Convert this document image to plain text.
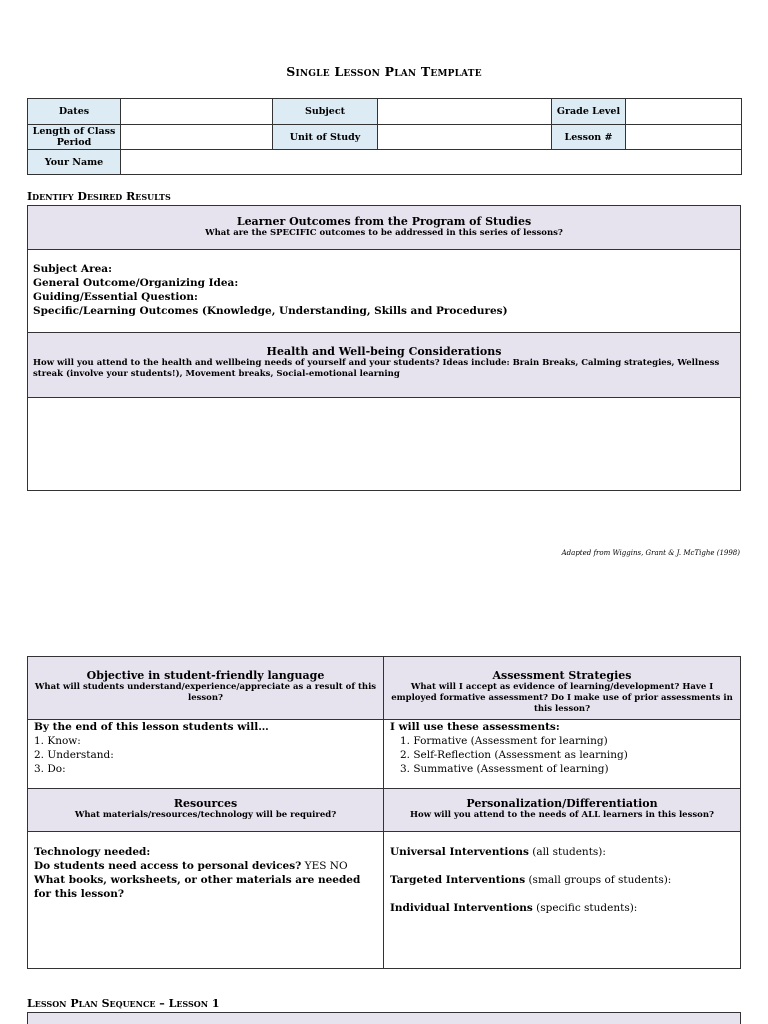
Single Lesson Plan Template
Dates		Subject		Grade Level	
Length of Class Period		Unit of Study		Lesson #	
Your Name					
Identify Desired Results
Learner Outcomes from the Program of Studies
What are the SPECIFIC outcomes to be addressed in this series of lessons?
Subject Area:
General Outcome/Organizing Idea:
Guiding/Essential Question:
Specific/Learning Outcomes (Knowledge, Understanding, Skills and Procedures)
Health and Well-being Considerations
How will you attend to the health and wellbeing needs of yourself and your students? Ideas include: Brain Breaks, Calming strategies, Wellness streak (involve your students!), Movement breaks, Social-emotional learning
Adapted from Wiggins, Grant & J. McTighe (1998)
Objective in student-friendly language
What will students understand/experience/appreciate as a result of this lesson?
By the end of this lesson students will…
1. Know:
2. Understand:
3. Do:
Assessment Strategies
What will I accept as evidence of learning/development? Have I employed formative assessment? Do I make use of prior assessments in this lesson?
I will use these assessments:
1. Formative (Assessment for learning)
2. Self-Reflection (Assessment as learning)
3. Summative (Assessment of learning)
Resources
What materials/resources/technology will be required?
Technology needed:
Do students need access to personal devices? YES NO
What books, worksheets, or other materials are needed for this lesson?
Personalization/Differentiation
How will you attend to the needs of ALL learners in this lesson?
Universal Interventions (all students):
Targeted Interventions (small groups of students):
Individual Interventions (specific students):
Lesson Plan Sequence – Lesson 1
